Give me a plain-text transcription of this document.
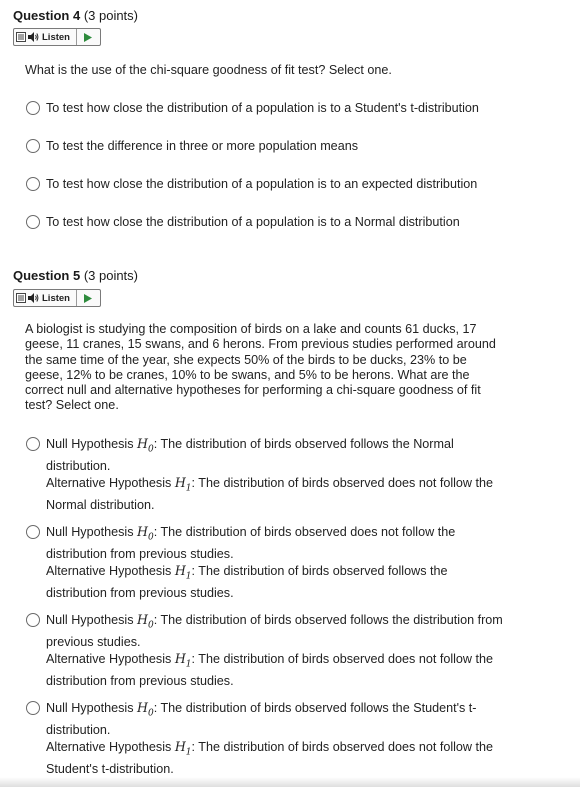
Question 4 (3 points)
Listen
What is the use of the chi-square goodness of fit test? Select one.
To test how close the distribution of a population is to a Student's t-distribution
To test the difference in three or more population means
To test how close the distribution of a population is to an expected distribution
To test how close the distribution of a population is to a Normal distribution
Question 5 (3 points)
Listen
A biologist is studying the composition of birds on a lake and counts 61 ducks, 17 geese, 11 cranes, 15 swans, and 6 herons. From previous studies performed around the same time of the year, she expects 50% of the birds to be ducks, 23% to be geese, 12% to be cranes, 10% to be swans, and 5% to be herons. What are the correct null and alternative hypotheses for performing a chi-square goodness of fit test? Select one.
Null Hypothesis $H_0$: The distribution of birds observed follows the Normal distribution.
Alternative Hypothesis $H_1$: The distribution of birds observed does not follow the Normal distribution.
Null Hypothesis $H_0$: The distribution of birds observed does not follow the distribution from previous studies.
Alternative Hypothesis $H_1$: The distribution of birds observed follows the distribution from previous studies.
Null Hypothesis $H_0$: The distribution of birds observed follows the distribution from previous studies.
Alternative Hypothesis $H_1$: The distribution of birds observed does not follow the distribution from previous studies.
Null Hypothesis $H_0$: The distribution of birds observed follows the Student's t-distribution.
Alternative Hypothesis $H_1$: The distribution of birds observed does not follow the Student's t-distribution.
